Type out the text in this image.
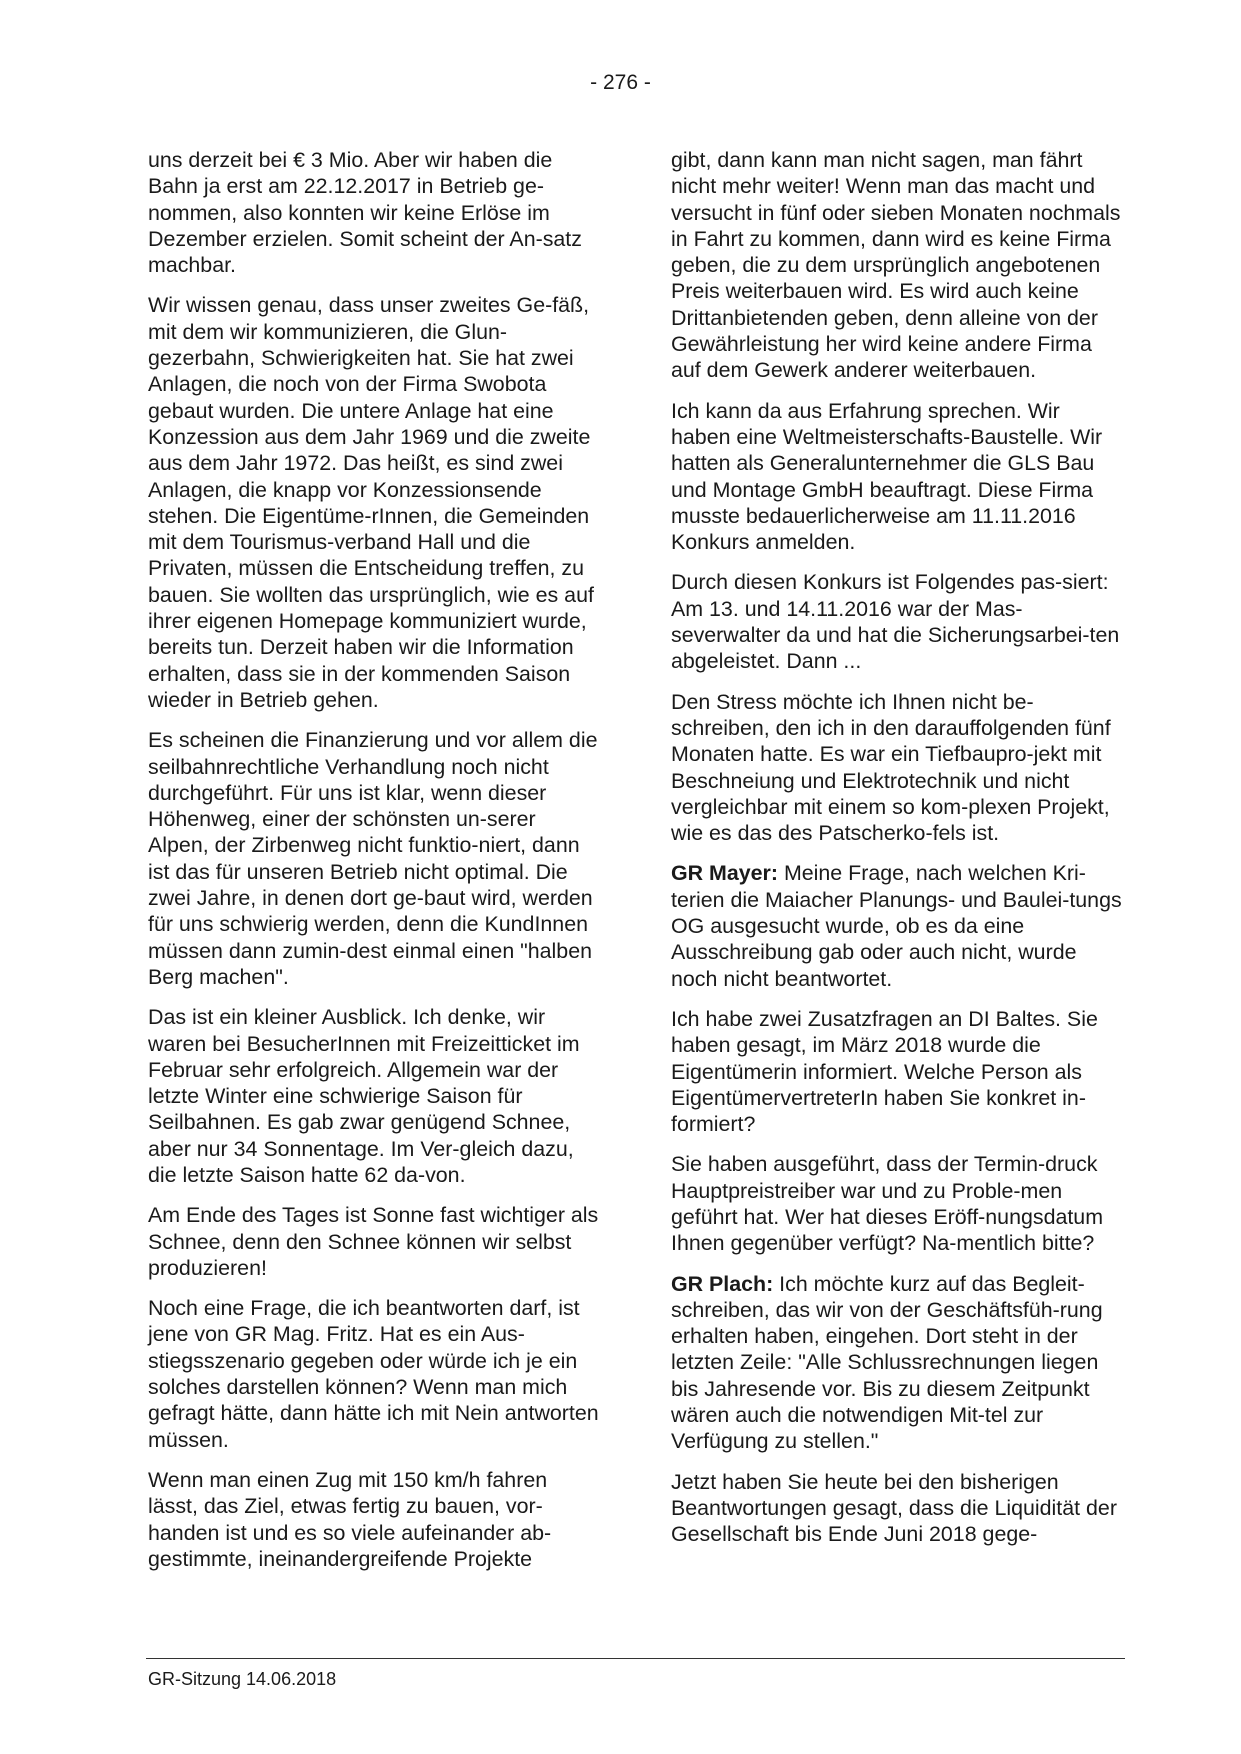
- 276 -

uns derzeit bei € 3 Mio. Aber wir haben die Bahn ja erst am 22.12.2017 in Betrieb ge-nommen, also konnten wir keine Erlöse im Dezember erzielen. Somit scheint der An-satz machbar.

Wir wissen genau, dass unser zweites Ge-fäß, mit dem wir kommunizieren, die Glun-gezerbahn, Schwierigkeiten hat. Sie hat zwei Anlagen, die noch von der Firma Swobota gebaut wurden. Die untere Anlage hat eine Konzession aus dem Jahr 1969 und die zweite aus dem Jahr 1972. Das heißt, es sind zwei Anlagen, die knapp vor Konzessionsende stehen. Die Eigentüme-rInnen, die Gemeinden mit dem Tourismus-verband Hall und die Privaten, müssen die Entscheidung treffen, zu bauen. Sie wollten das ursprünglich, wie es auf ihrer eigenen Homepage kommuniziert wurde, bereits tun. Derzeit haben wir die Information erhalten, dass sie in der kommenden Saison wieder in Betrieb gehen.

Es scheinen die Finanzierung und vor allem die seilbahnrechtliche Verhandlung noch nicht durchgeführt. Für uns ist klar, wenn dieser Höhenweg, einer der schönsten un-serer Alpen, der Zirbenweg nicht funktio-niert, dann ist das für unseren Betrieb nicht optimal. Die zwei Jahre, in denen dort ge-baut wird, werden für uns schwierig werden, denn die KundInnen müssen dann zumin-dest einmal einen "halben Berg machen".

Das ist ein kleiner Ausblick. Ich denke, wir waren bei BesucherInnen mit Freizeitticket im Februar sehr erfolgreich. Allgemein war der letzte Winter eine schwierige Saison für Seilbahnen. Es gab zwar genügend Schnee, aber nur 34 Sonnentage. Im Ver-gleich dazu, die letzte Saison hatte 62 da-von.

Am Ende des Tages ist Sonne fast wichtiger als Schnee, denn den Schnee können wir selbst produzieren!

Noch eine Frage, die ich beantworten darf, ist jene von GR Mag. Fritz. Hat es ein Aus-stiegsszenario gegeben oder würde ich je ein solches darstellen können? Wenn man mich gefragt hätte, dann hätte ich mit Nein antworten müssen.

Wenn man einen Zug mit 150 km/h fahren lässt, das Ziel, etwas fertig zu bauen, vor-handen ist und es so viele aufeinander ab-gestimmte, ineinandergreifende Projekte

gibt, dann kann man nicht sagen, man fährt nicht mehr weiter! Wenn man das macht und versucht in fünf oder sieben Monaten nochmals in Fahrt zu kommen, dann wird es keine Firma geben, die zu dem ursprünglich angebotenen Preis weiterbauen wird. Es wird auch keine Drittanbietenden geben, denn alleine von der Gewährleistung her wird keine andere Firma auf dem Gewerk anderer weiterbauen.

Ich kann da aus Erfahrung sprechen. Wir haben eine Weltmeisterschafts-Baustelle. Wir hatten als Generalunternehmer die GLS Bau und Montage GmbH beauftragt. Diese Firma musste bedauerlicherweise am 11.11.2016 Konkurs anmelden.

Durch diesen Konkurs ist Folgendes pas-siert: Am 13. und 14.11.2016 war der Mas-severwalter da und hat die Sicherungsarbei-ten abgeleistet. Dann ...

Den Stress möchte ich Ihnen nicht be-schreiben, den ich in den darauffolgenden fünf Monaten hatte. Es war ein Tiefbaupro-jekt mit Beschneiung und Elektrotechnik und nicht vergleichbar mit einem so kom-plexen Projekt, wie es das des Patscherko-fels ist.

GR Mayer: Meine Frage, nach welchen Kri-terien die Maiacher Planungs- und Baulei-tungs OG ausgesucht wurde, ob es da eine Ausschreibung gab oder auch nicht, wurde noch nicht beantwortet.

Ich habe zwei Zusatzfragen an DI Baltes. Sie haben gesagt, im März 2018 wurde die Eigentümerin informiert. Welche Person als EigentümervertreterIn haben Sie konkret in-formiert?

Sie haben ausgeführt, dass der Termin-druck Hauptpreistreiber war und zu Proble-men geführt hat. Wer hat dieses Eröff-nungsdatum Ihnen gegenüber verfügt? Na-mentlich bitte?

GR Plach: Ich möchte kurz auf das Begleit-schreiben, das wir von der Geschäftsfüh-rung erhalten haben, eingehen. Dort steht in der letzten Zeile: "Alle Schlussrechnungen liegen bis Jahresende vor. Bis zu diesem Zeitpunkt wären auch die notwendigen Mit-tel zur Verfügung zu stellen."

Jetzt haben Sie heute bei den bisherigen Beantwortungen gesagt, dass die Liquidität der Gesellschaft bis Ende Juni 2018 gege-

GR-Sitzung 14.06.2018
